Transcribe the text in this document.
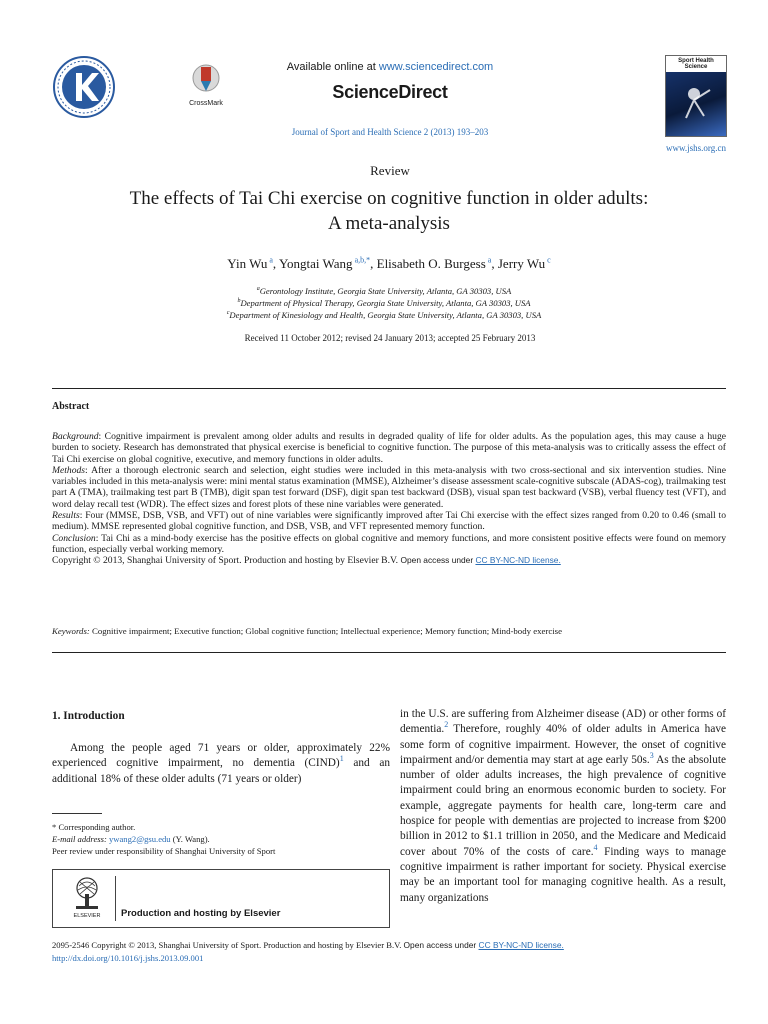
CrossMark
Available online at www.sciencedirect.com
ScienceDirect
Journal of Sport and Health Science 2 (2013) 193–203
Sport Health Science
www.jshs.org.cn
Review
The effects of Tai Chi exercise on cognitive function in older adults:
A meta-analysis
Yin Wu $^a$, Yongtai Wang $^{a,b,*}$, Elisabeth O. Burgess $^a$, Jerry Wu $^c$
$^a$Gerontology Institute, Georgia State University, Atlanta, GA 30303, USA
$^b$Department of Physical Therapy, Georgia State University, Atlanta, GA 30303, USA
$^c$Department of Kinesiology and Health, Georgia State University, Atlanta, GA 30303, USA
Received 11 October 2012; revised 24 January 2013; accepted 25 February 2013
Abstract
Background: Cognitive impairment is prevalent among older adults and results in degraded quality of life for older adults. As the population ages, this may cause a huge burden to society. Research has demonstrated that physical exercise is beneficial to cognitive function. The purpose of this meta-analysis was to critically assess the effect of Tai Chi exercise on global cognitive, executive, and memory functions in older adults.
Methods: After a thorough electronic search and selection, eight studies were included in this meta-analysis with two cross-sectional and six intervention studies. Nine variables included in this meta-analysis were: mini mental status examination (MMSE), Alzheimer’s disease assessment scale-cognitive subscale (ADAS-cog), trailmaking test part A (TMA), trailmaking test part B (TMB), digit span test forward (DSF), digit span test backward (DSB), visual span test backward (VSB), verbal fluency test (VFT), and word delay recall test (WDR). The effect sizes and forest plots of these nine variables were generated.
Results: Four (MMSE, DSB, VSB, and VFT) out of nine variables were significantly improved after Tai Chi exercise with the effect sizes ranged from 0.20 to 0.46 (small to medium). MMSE represented global cognitive function, and DSB, VSB, and VFT represented memory function.
Conclusion: Tai Chi as a mind-body exercise has the positive effects on global cognitive and memory functions, and more consistent positive effects were found on memory function, especially verbal working memory.
Copyright © 2013, Shanghai University of Sport. Production and hosting by Elsevier B.V. Open access under CC BY-NC-ND license.
Keywords: Cognitive impairment; Executive function; Global cognitive function; Intellectual experience; Memory function; Mind-body exercise
1. Introduction
Among the people aged 71 years or older, approximately 22% experienced cognitive impairment, no dementia (CIND)$^1$ and an additional 18% of these older adults (71 years or older)
* Corresponding author.
E-mail address: ywang2@gsu.edu (Y. Wang).
Peer review under responsibility of Shanghai University of Sport
ELSEVIER	Production and hosting by Elsevier
in the U.S. are suffering from Alzheimer disease (AD) or other forms of dementia.$^2$ Therefore, roughly 40% of older adults in America have some form of cognitive impairment. However, the onset of cognitive impairment and/or dementia may start at age early 50s.$^3$ As the absolute number of older adults increases, the high prevalence of cognitive impairment could bring an enormous economic burden to society. For example, aggregate payments for health care, long-term care and hospice for people with dementias are projected to increase from $200 billion in 2012 to $1.1 trillion in 2050, and the Medicare and Medicaid cover about 70% of the costs of care.$^4$ Finding ways to manage cognitive impairment is rather important for society. Physical exercise may be an important tool for managing cognitive health. As a result, many organizations
2095-2546 Copyright © 2013, Shanghai University of Sport. Production and hosting by Elsevier B.V. Open access under CC BY-NC-ND license.
http://dx.doi.org/10.1016/j.jshs.2013.09.001
